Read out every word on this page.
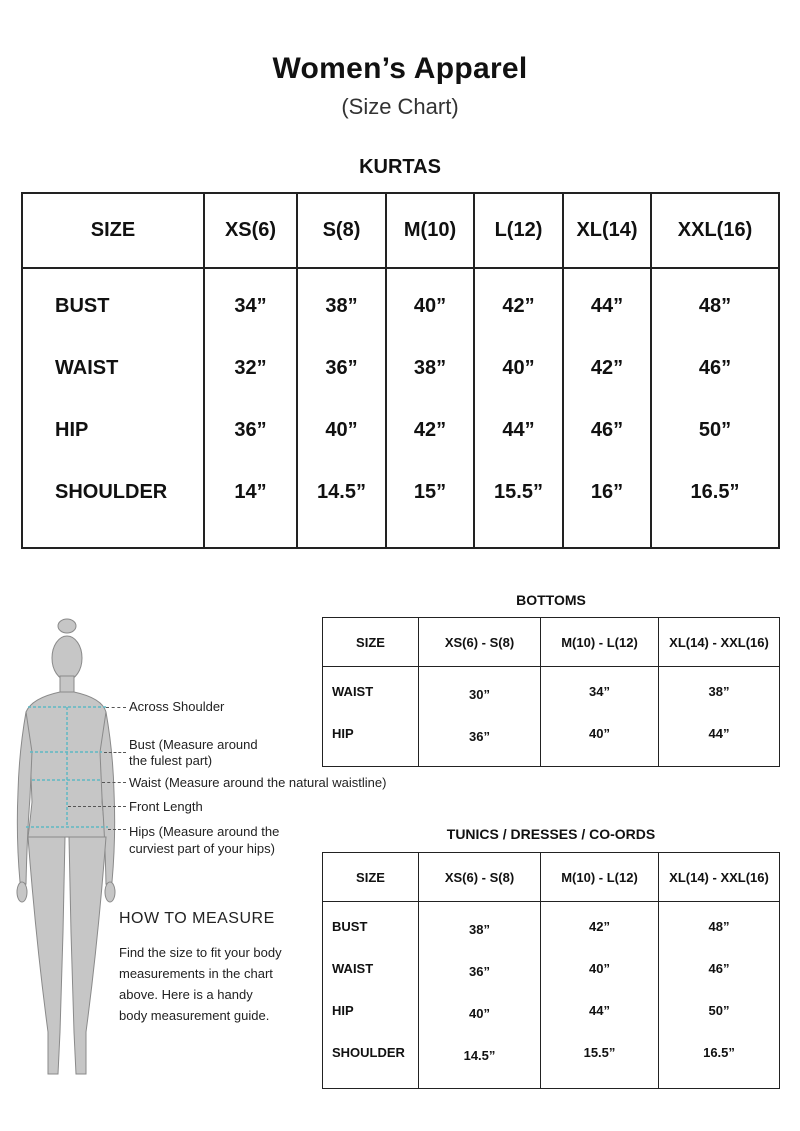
Women’s Apparel
(Size Chart)
KURTAS
SIZE	XS(6)	S(8)	M(10)	L(12)	XL(14)	XXL(16)
BUST	34”	38”	40”	42”	44”	48”
WAIST	32”	36”	38”	40”	42”	46”
HIP	36”	40”	42”	44”	46”	50”
SHOULDER	14”	14.5”	15”	15.5”	16”	16.5”
BOTTOMS
SIZE	XS(6) - S(8)	M(10) - L(12)	XL(14) - XXL(16)
WAIST	30”	34”	38”
HIP	36”	40”	44”
TUNICS / DRESSES / CO-ORDS
SIZE	XS(6) - S(8)	M(10) - L(12)	XL(14) - XXL(16)
BUST	38”	42”	48”
WAIST	36”	40”	46”
HIP	40”	44”	50”
SHOULDER	14.5”	15.5”	16.5”
Across Shoulder
Bust (Measure around
the fulest part)
Waist (Measure around the natural waistline)
Front Length
Hips (Measure around the
curviest part of your hips)
HOW TO MEASURE
Find the size to fit your body
measurements in the chart
above. Here is a handy
body measurement guide.
